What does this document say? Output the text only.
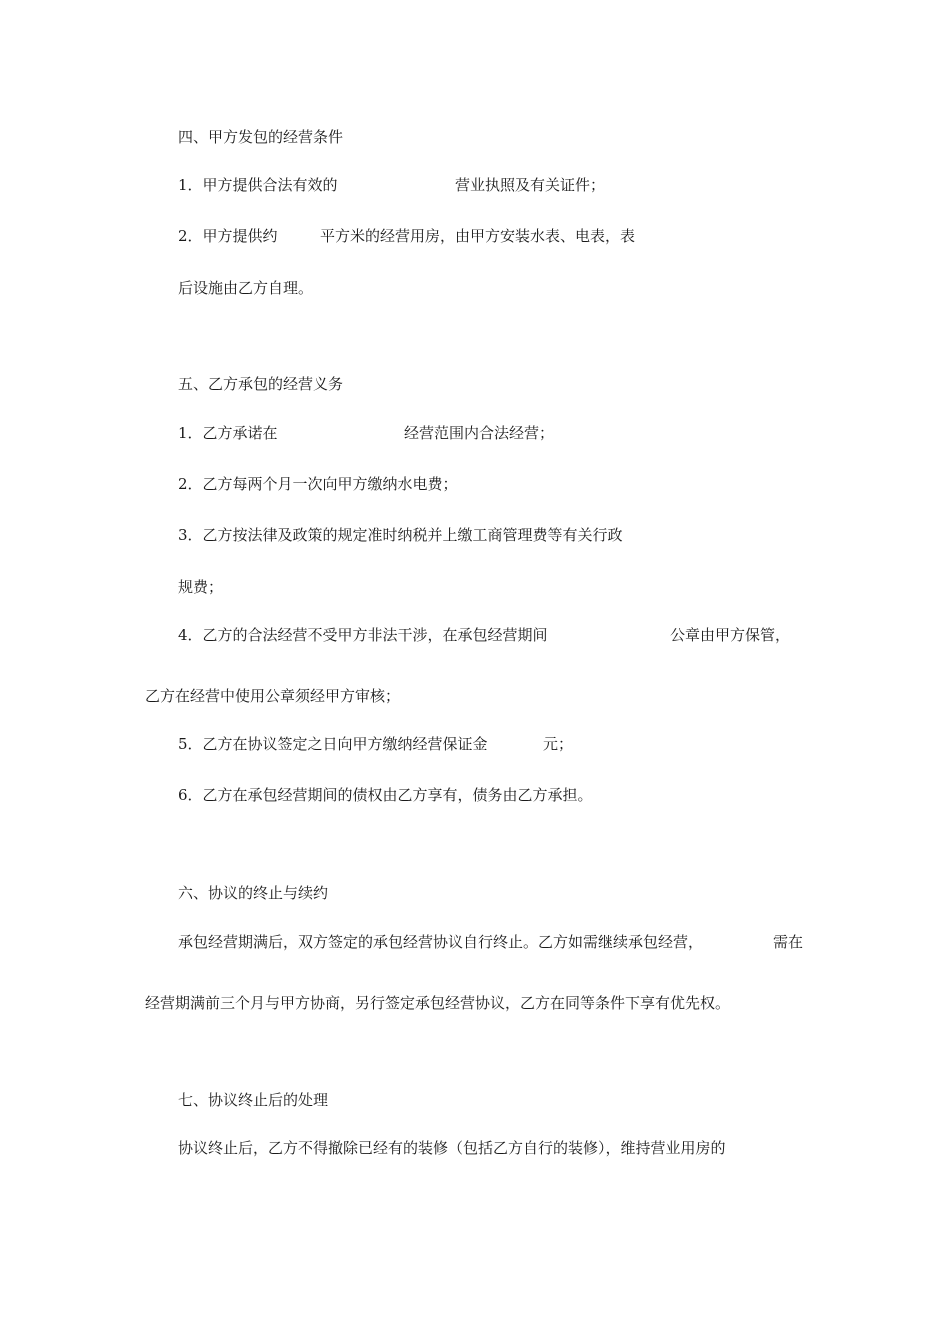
四、甲方发包的经营条件
1．甲方提供合法有效的	营业执照及有关证件；
2．甲方提供约	平方米的经营用房，由甲方安装水表、电表，表
后设施由乙方自理。
五、乙方承包的经营义务
1．乙方承诺在	经营范围内合法经营；
2．乙方每两个月一次向甲方缴纳水电费；
3．乙方按法律及政策的规定准时纳税并上缴工商管理费等有关行政
规费；
4．乙方的合法经营不受甲方非法干涉，在承包经营期间	公章由甲方保管，
乙方在经营中使用公章须经甲方审核；
5．乙方在协议签定之日向甲方缴纳经营保证金	元；
6．乙方在承包经营期间的债权由乙方享有，债务由乙方承担。
六、协议的终止与续约
承包经营期满后，双方签定的承包经营协议自行终止。乙方如需继续承包经营，	需在
经营期满前三个月与甲方协商，另行签定承包经营协议，乙方在同等条件下享有优先权。
七、协议终止后的处理
协议终止后，乙方不得撤除已经有的装修（包括乙方自行的装修），维持营业用房的
